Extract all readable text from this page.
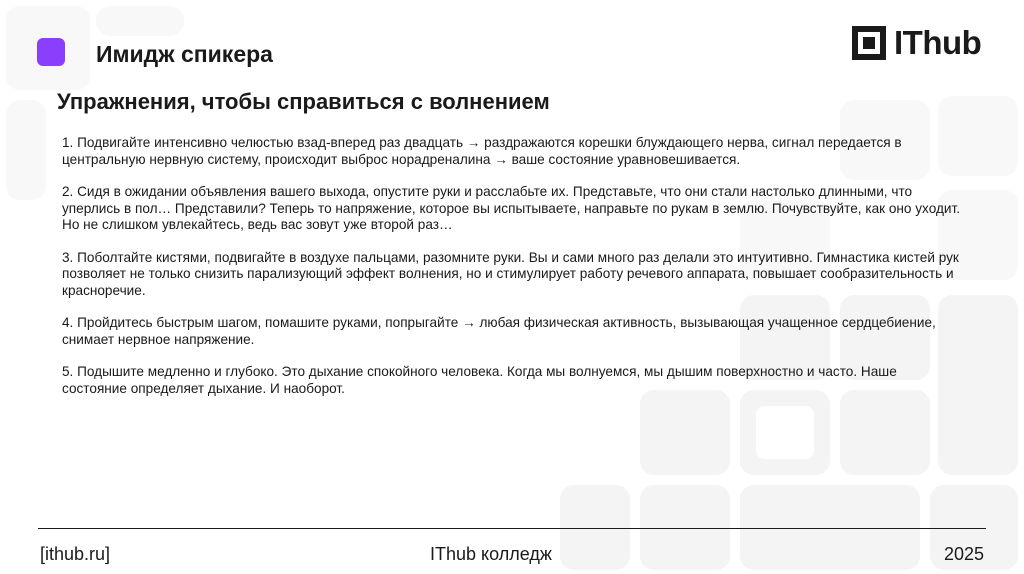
Имидж спикера	IThub
Упражнения, чтобы справиться с волнением

1. Подвигайте интенсивно челюстью взад-вперед раз двадцать → раздражаются корешки блуждающего нерва, сигнал передается в центральную нервную систему, происходит выброс норадреналина → ваше состояние уравновешивается.

2. Сидя в ожидании объявления вашего выхода, опустите руки и расслабьте их. Представьте, что они стали настолько длинными, что уперлись в пол… Представили? Теперь то напряжение, которое вы испытываете, направьте по рукам в землю. Почувствуйте, как оно уходит. Но не слишком увлекайтесь, ведь вас зовут уже второй раз…

3. Поболтайте кистями, подвигайте в воздухе пальцами, разомните руки. Вы и сами много раз делали это интуитивно. Гимнастика кистей рук позволяет не только снизить парализующий эффект волнения, но и стимулирует работу речевого аппарата, повышает сообразительность и красноречие.

4. Пройдитесь быстрым шагом, помашите руками, попрыгайте → любая физическая активность, вызывающая учащенное сердцебиение, снимает нервное напряжение.

5. Подышите медленно и глубоко. Это дыхание спокойного человека. Когда мы волнуемся, мы дышим поверхностно и часто. Наше состояние определяет дыхание. И наоборот.

[ithub.ru]	IThub колледж	2025
